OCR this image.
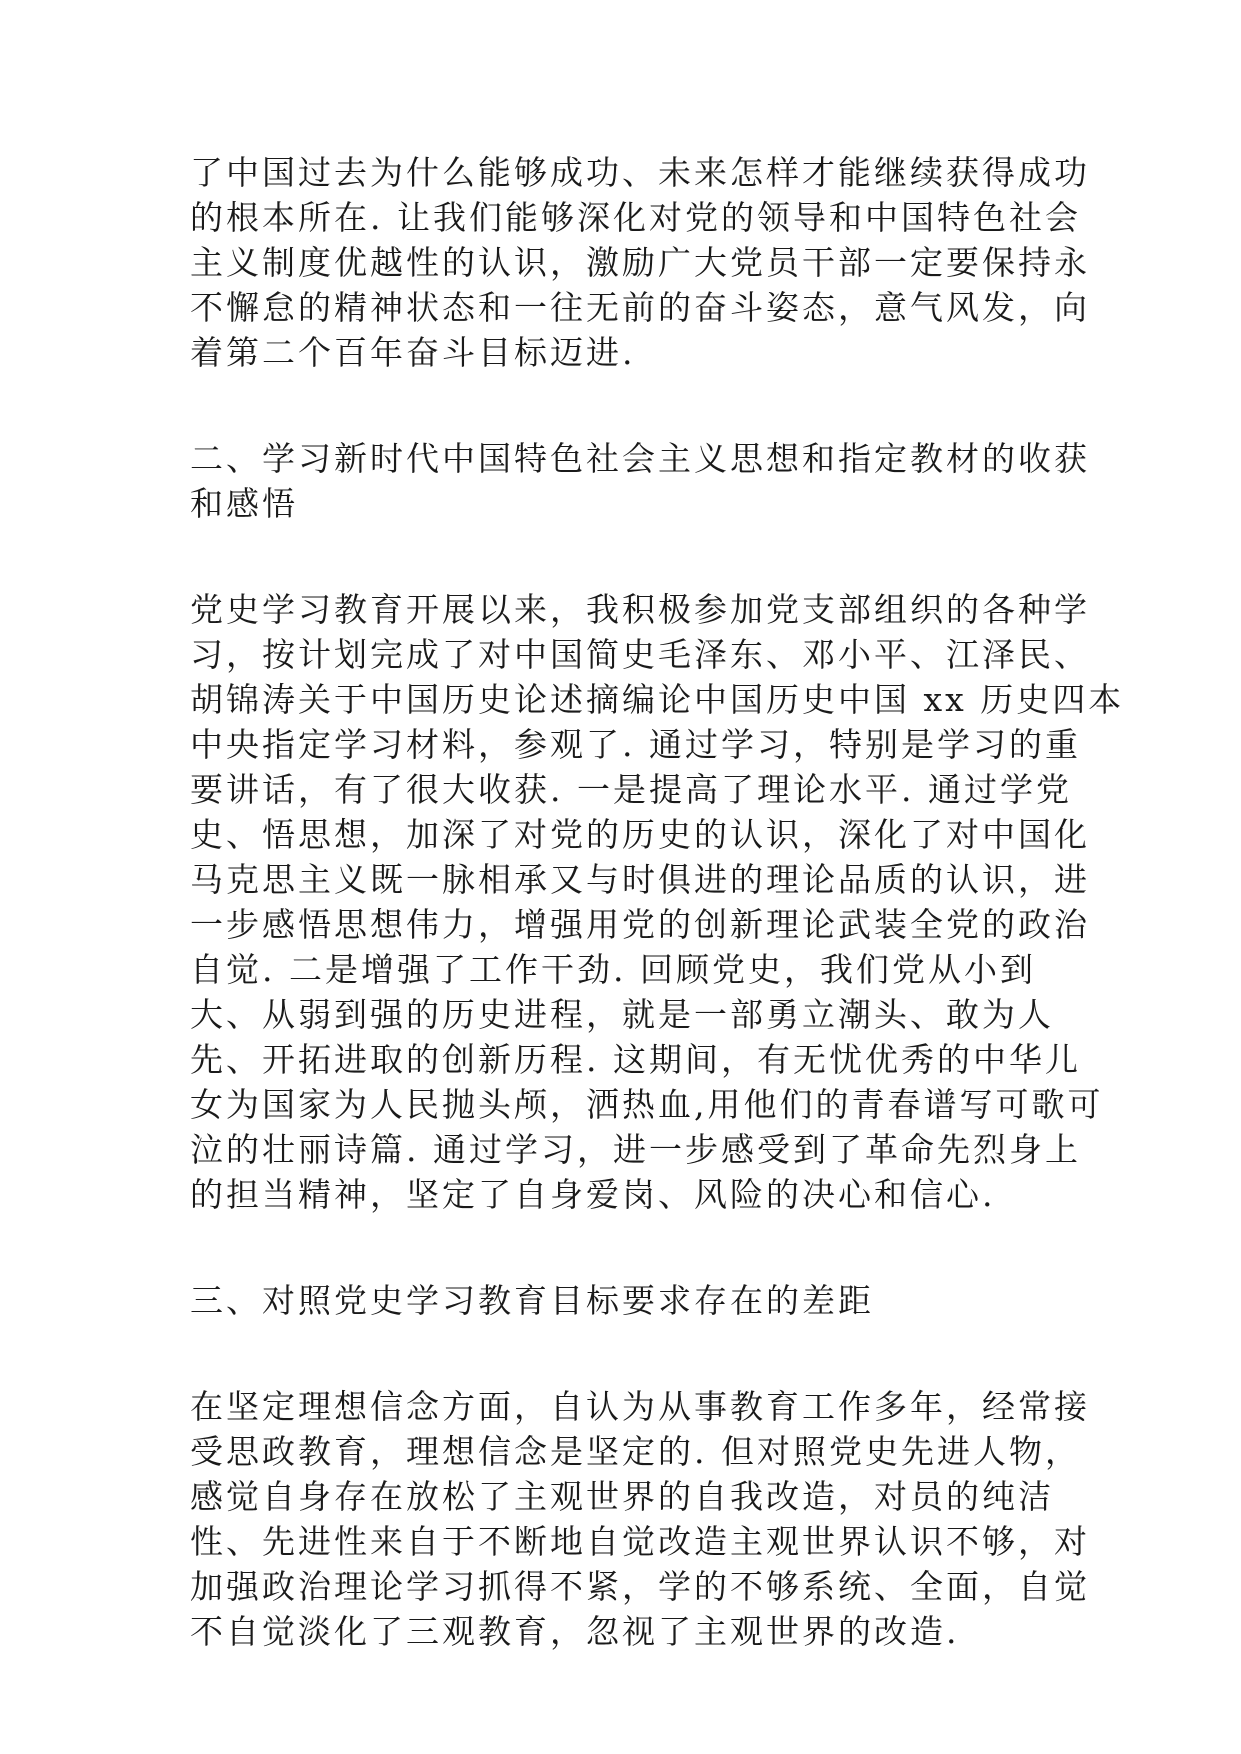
了中国过去为什么能够成功、未来怎样才能继续获得成功
的根本所在. 让我们能够深化对党的领导和中国特色社会
主义制度优越性的认识，激励广大党员干部一定要保持永
不懈怠的精神状态和一往无前的奋斗姿态，意气风发，向
着第二个百年奋斗目标迈进.
二、学习新时代中国特色社会主义思想和指定教材的收获
和感悟
党史学习教育开展以来，我积极参加党支部组织的各种学
习，按计划完成了对中国简史毛泽东、邓小平、江泽民、
胡锦涛关于中国历史论述摘编论中国历史中国 xx 历史四本
中央指定学习材料，参观了. 通过学习，特别是学习的重
要讲话，有了很大收获. 一是提高了理论水平. 通过学党
史、悟思想，加深了对党的历史的认识，深化了对中国化
马克思主义既一脉相承又与时俱进的理论品质的认识，进
一步感悟思想伟力，增强用党的创新理论武装全党的政治
自觉. 二是增强了工作干劲. 回顾党史，我们党从小到
大、从弱到强的历史进程，就是一部勇立潮头、敢为人
先、开拓进取的创新历程. 这期间，有无忧优秀的中华儿
女为国家为人民抛头颅，洒热血,用他们的青春谱写可歌可
泣的壮丽诗篇. 通过学习，进一步感受到了革命先烈身上
的担当精神，坚定了自身爱岗、风险的决心和信心.
三、对照党史学习教育目标要求存在的差距
在坚定理想信念方面，自认为从事教育工作多年，经常接
受思政教育，理想信念是坚定的. 但对照党史先进人物，
感觉自身存在放松了主观世界的自我改造，对员的纯洁
性、先进性来自于不断地自觉改造主观世界认识不够，对
加强政治理论学习抓得不紧，学的不够系统、全面，自觉
不自觉淡化了三观教育，忽视了主观世界的改造.
